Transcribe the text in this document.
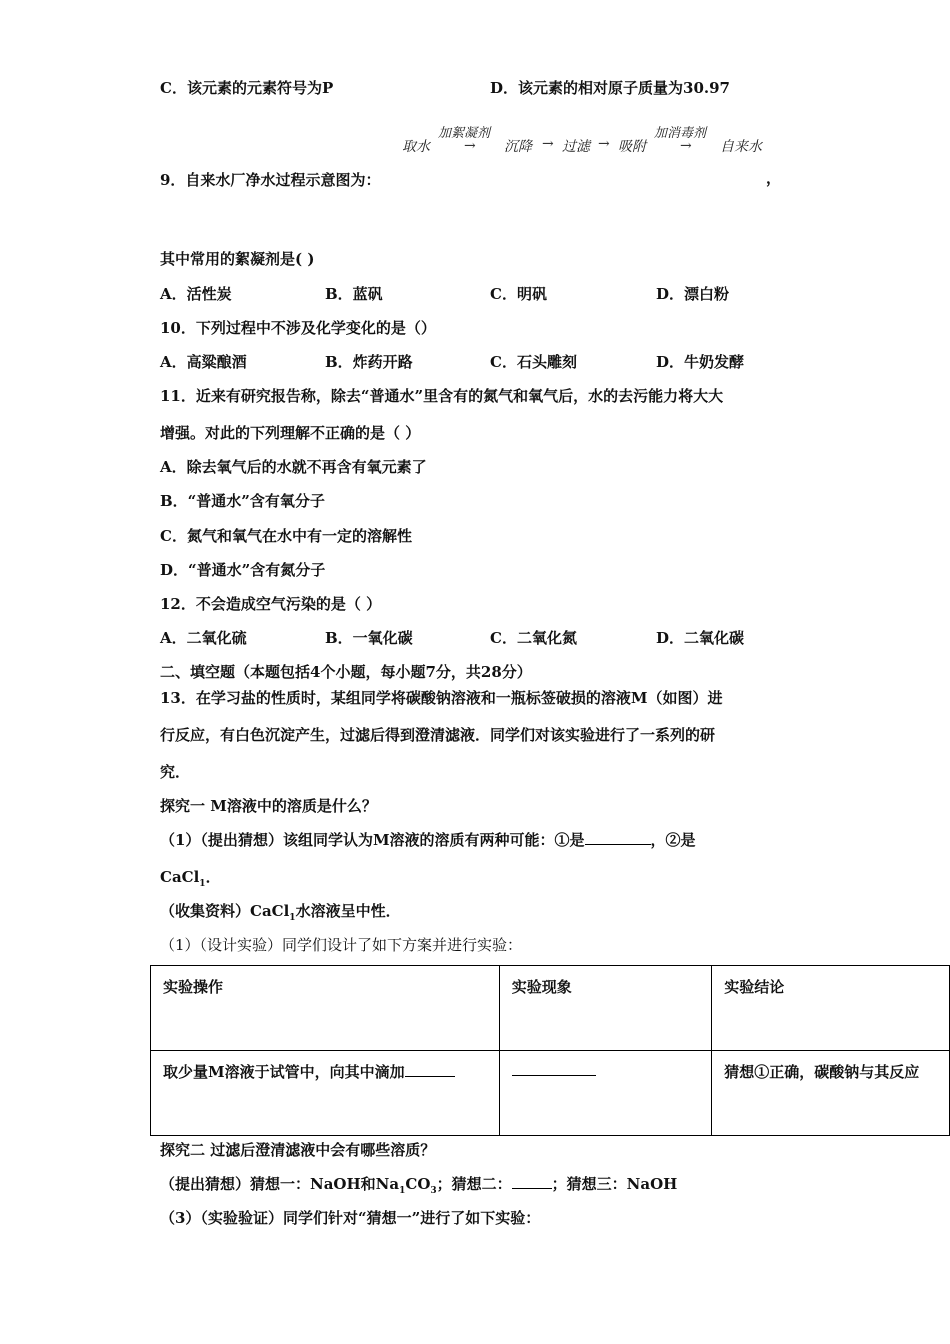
C．该元素的元素符号为P	D．该元素的相对原子质量为30.97
取水
加絮凝剂
→ 沉降 → 过滤 → 吸附
加消毒剂
→ 自来水
9．自来水厂净水过程示意图为：	，
其中常用的絮凝剂是( )
A．活性炭	B．蓝矾	C．明矾	D．漂白粉
10．下列过程中不涉及化学变化的是（）
A．高粱酿酒	B．炸药开路	C．石头雕刻	D．牛奶发酵
11．近来有研究报告称，除去“普通水”里含有的氮气和氧气后，水的去污能力将大大
增强。对此的下列理解不正确的是（ ）
A．除去氧气后的水就不再含有氧元素了
B．“普通水”含有氧分子
C．氮气和氧气在水中有一定的溶解性
D．“普通水”含有氮分子
12．不会造成空气污染的是（ ）
A．二氧化硫	B．一氧化碳	C．二氧化氮	D．二氧化碳
二、填空题（本题包括4个小题，每小题7分，共28分）
13．在学习盐的性质时，某组同学将碳酸钠溶液和一瓶标签破损的溶液M（如图）进
行反应，有白色沉淀产生，过滤后得到澄清滤液．同学们对该实验进行了一系列的研
究．
探究一 M溶液中的溶质是什么？
（1）（提出猜想）该组同学认为M溶液的溶质有两种可能：①是	，②是
CaCl$_1$．
（收集资料）CaCl$_1$水溶液呈中性．
（1）（设计实验）同学们设计了如下方案并进行实验：
实验操作	实验现象	实验结论
取少量M溶液于试管中，向其中滴加		猜想①正确，碳酸钠与其反应
探究二 过滤后澄清滤液中会有哪些溶质？
（提出猜想）猜想一：NaOH和$Na_1CO_3$；猜想二：	；猜想三：NaOH
（3）（实验验证）同学们针对“猜想一”进行了如下实验：
